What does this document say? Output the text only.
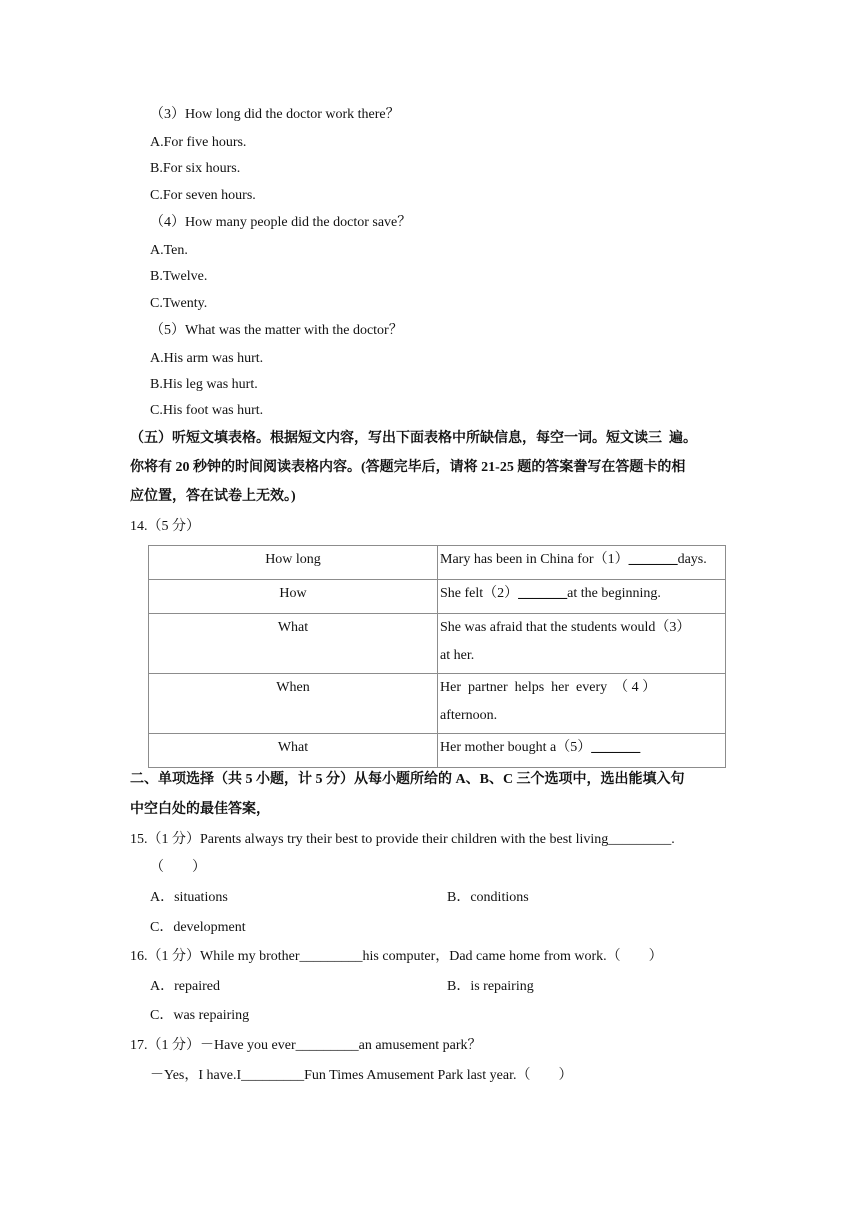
（3）How long did the doctor work there？
A.For five hours.
B.For six hours.
C.For seven hours.
（4）How many people did the doctor save？
A.Ten.
B.Twelve.
C.Twenty.
（5）What was the matter with the doctor？
A.His arm was hurt.
B.His leg was hurt.
C.His foot was hurt.
（五）听短文填表格。根据短文内容，写出下面表格中所缺信息，每空一词。短文读三  遍。
你将有 20 秒钟的时间阅读表格内容。(答题完毕后，请将 21-25 题的答案誊写在答题卡的相
应位置，答在试卷上无效。)
14.（5 分）
How long	Mary has been in China for（1）_______days.
How	She felt（2）_______at the beginning.
What	She was afraid that the students would（3）
at her.

When	Her  partner  helps  her  every  （ 4 ）
afternoon.

What	Her mother bought a（5）_______
二、单项选择（共 5 小题，计 5 分）从每小题所给的 A、B、C 三个选项中，选出能填入句
中空白处的最佳答案，
15.（1 分）Parents always try their best to provide their children with the best living_________.
（        ）
A．situations	B．conditions
C．development
16.（1 分）While my brother_________his computer，Dad came home from work.（        ）
A．repaired	B．is repairing
C．was repairing
17.（1 分）－Have you ever_________an amusement park？
－Yes，I have.I_________Fun Times Amusement Park last year.（        ）
